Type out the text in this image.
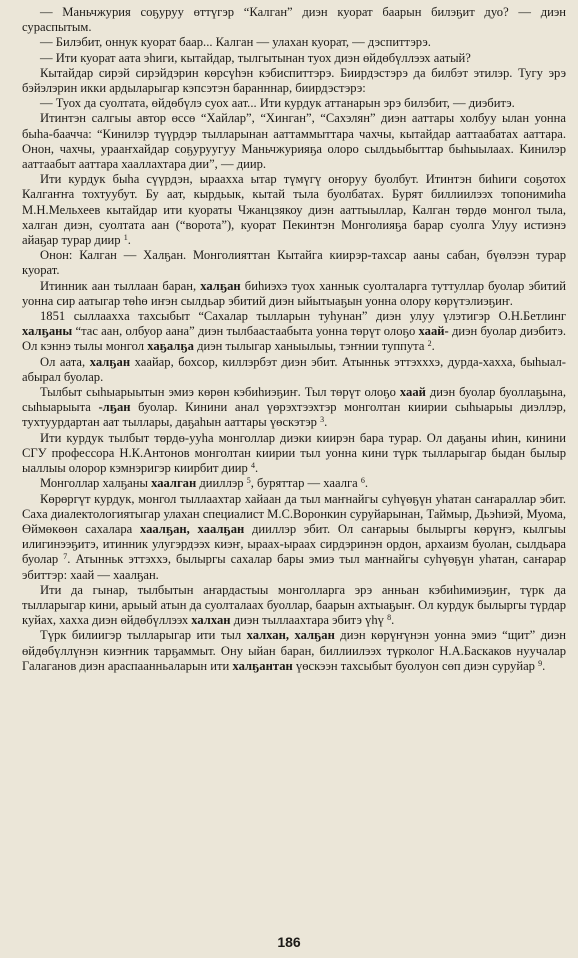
— Маньчжурия соҕуруу өттүгэр “Калган” диэн куорат баарын билэҕит дуо? — диэн сураспытым.

— Билэбит, оннук куорат баар... Калган — улахан куорат, — дэспиттэрэ.

— Ити куорат аата эһиги, кытайдар, тылгытынан туох диэн өйдөбүллээх аатый?

Кытайдар сирэй сирэйдэрин көрсүһэн кэбиспиттэрэ. Биирдэстэрэ да билбэт этилэр. Тугу эрэ бэйэлэрин икки ардыларыгар кэпсэтэн баранннар, биирдэстэрэ:

— Туох да суолтата, өйдөбүлэ суох аат... Ити курдук аттанарын эрэ билэбит, — диэбитэ.

Итинтэн салгыы автор өссө “Хайлар”, “Хинган”, “Сахэлян” диэн ааттары холбуу ылан уонна быһа-баачча: “Кинилэр түүрдэр тылларынан ааттаммыттара чахчы, кытайдар ааттаабатах ааттара. Онон, чахчы, урааҥхайдар соҕуруугуу Маньчжурияҕа олоро сылдьыбыттар быһыылаах. Кинилэр ааттаабыт ааттара хааллахтара дии”, — диир.

Ити курдук быһа сүүрдэн, ыраахха ытар түмүгү оҥоруу буолбут. Итинтэн биһиги соҕотох Калгаҥҥа тохтуубут. Бу аат, кырдьык, кытай тыла буолбатах. Бурят биллиилээх топонимиһа М.Н.Мельхеев кытайдар ити куораты Чжанцзякоу диэн ааттыыллар, Калган төрдө монгол тыла, халган диэн, суолтата аан (“ворота”), куорат Пекинтэн Монголияҕа барар суолга Улуу истиэнэ айаҕар турар диир $^1$.

Онон: Калган — Халҕан. Монголияттан Кытайга киирэр-тахсар ааны сабан, бүөлээн турар куорат.

Итинник аан тыллаан баран, халҕан биһиэхэ туох ханнык суолталарга туттуллар буолар эбитий уонна сир аатыгар төһө иҥэн сылдьар эбитий диэн ыйытыаҕын уонна олору көрүтэлиэҕиҥ.

1851 сыллааххa тахсыбыт “Сахалар тылларын туһунан” диэн улуу үлэтигэр О.Н.Бетлинг халҕаны “тас аан, олбуор аана” диэн тылбаастаабыта уонна төрүт олоҕо хаай- диэн буолар диэбитэ. Ол кэннэ тылы монгол хаҕалҕа диэн тылыгар ханыылыы, тэҥнии туппута $^2$.

Ол аата, халҕан хаайар, бохсор, киллэрбэт диэн эбит. Атынньк эттэхххэ, дурда-хахха, быһыал-абырал буолар.

Тылбыт сыһыарыытын эмиэ көрөн кэбиһиэҕиҥ. Тыл төрүт олоҕо хаай диэн буолар буоллаҕына, сыһыарыыта -лҕан буолар. Кинини анал үөрэхтээхтэр монголтан киирии сыһыарыы диэллэр, тухтуурдартан аат тыллары, даҕаһын ааттары үөскэтэр $^3$.

Ити курдук тылбыт төрдө-ууһа монголлар диэки киирэн бара турар. Ол даҕаны иһин, кинини СГУ профессора Н.К.Антонов монголтан киирии тыл уонна кини түрк тылларыгар быдан былыр ыаллыы олорор кэмнэригэр киирбит диир $^4$.

Монголлар халҕаны хаалган дииллэр $^5$, буряттар — хаалга $^6$.

Көрөргүт курдук, монгол тыллаахтар хайаан да тыл маҥнайгы суһүөҕүн уһатан саҥараллар эбит. Саха диалектологиятыгар улахан специалист М.С.Воронкин суруйарынан, Таймыр, Дьэһиэй, Муома, Өймөкөөн сахалара хаалҕан, хаалҕан дииллэр эбит. Ол саҥарыы былыргы көрүҥэ, кылгыы илигинээҕитэ, итинник улугэрдээх киэҥ, ыраах-ыраах сирдэринэн ордон, архаизм буолан, сылдьара буолар $^7$. Атынньк эттэххэ, былыргы сахалар бары эмиэ тыл маҥнайгы суһүөҕүн уһатан, саҥарар эбиттэр: хаай — хаалҕан.

Ити да гынар, тылбытын аҥардастыы монголларга эрэ анньан кэбиһимиэҕиҥ, түрк да тылларыгар кини, арыый атын да суолталаах буоллар, баарын ахтыаҕыҥ. Ол курдук былыргы түрдар куйах, хахха диэн өйдөбүллээх халхан диэн тыллаахтара эбитэ үһү $^8$.

Түрк билиигэр тылларыгар ити тыл халхан, халҕан диэн көрүҥүнэн уонна эмиэ “щит” диэн өйдөбүллүнэн киэҥник тарҕаммыт. Ону ыйан баран, биллиилээх түрколог Н.А.Баскаков нуучалар Галаганов диэн араспаанньаларын ити халҕантан үөскээн тахсыбыт буолуон сөп диэн суруйар $^9$.

186
